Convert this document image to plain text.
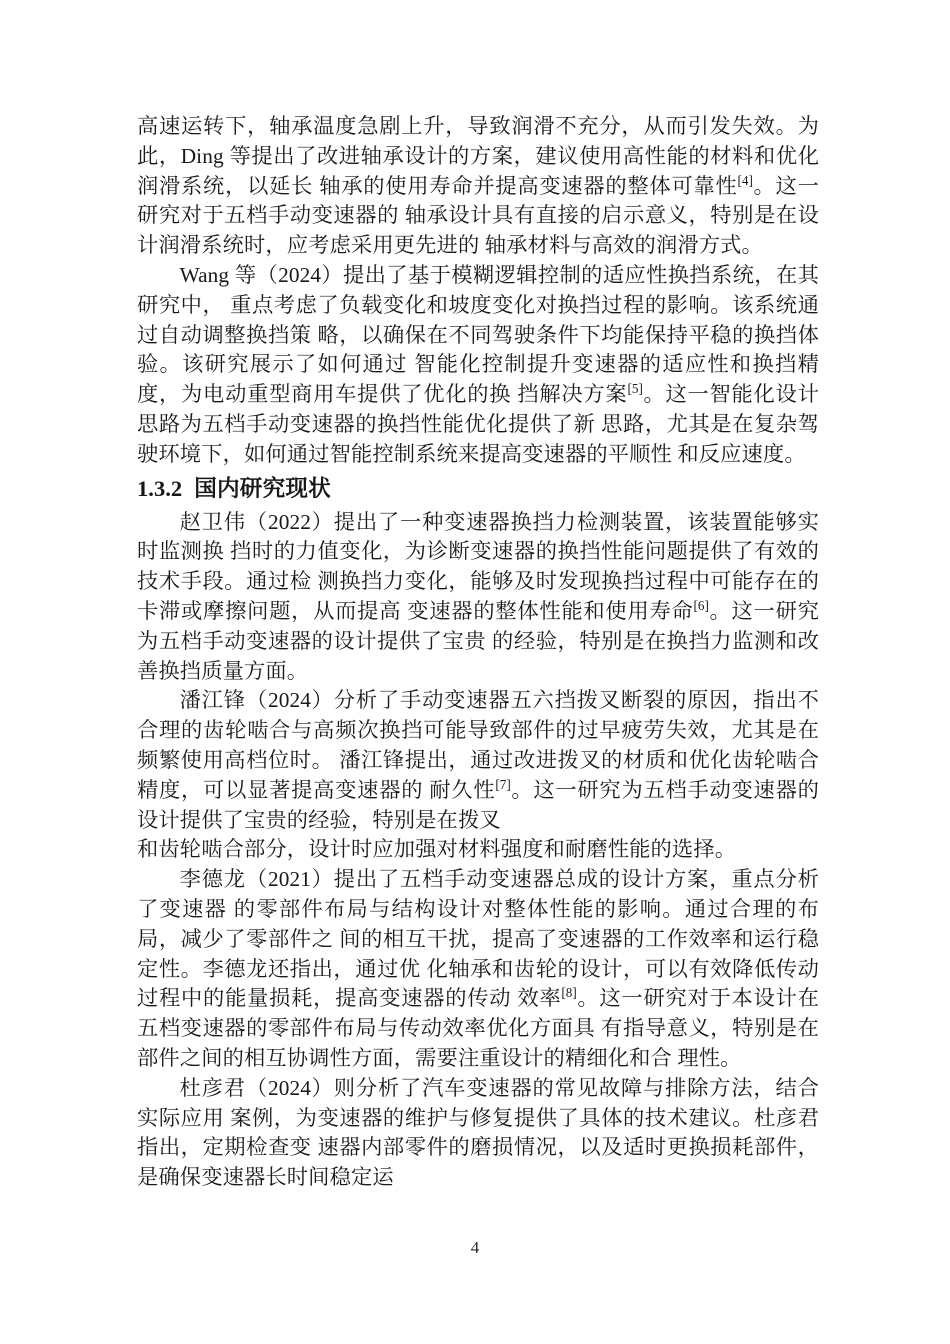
高速运转下，轴承温度急剧上升，导致润滑不充分，从而引发失效。为此，Ding 等提出了改进轴承设计的方案，建议使用高性能的材料和优化润滑系统，以延长 轴承的使用寿命并提高变速器的整体可靠性[4]。这一研究对于五档手动变速器的 轴承设计具有直接的启示意义，特别是在设计润滑系统时，应考虑采用更先进的 轴承材料与高效的润滑方式。

Wang 等（2024）提出了基于模糊逻辑控制的适应性换挡系统，在其研究中， 重点考虑了负载变化和坡度变化对换挡过程的影响。该系统通过自动调整换挡策 略，以确保在不同驾驶条件下均能保持平稳的换挡体验。该研究展示了如何通过 智能化控制提升变速器的适应性和换挡精度，为电动重型商用车提供了优化的换 挡解决方案[5]。这一智能化设计思路为五档手动变速器的换挡性能优化提供了新 思路，尤其是在复杂驾驶环境下，如何通过智能控制系统来提高变速器的平顺性 和反应速度。

1.3.2 国内研究现状

赵卫伟（2022）提出了一种变速器换挡力检测装置，该装置能够实时监测换 挡时的力值变化，为诊断变速器的换挡性能问题提供了有效的技术手段。通过检 测换挡力变化，能够及时发现换挡过程中可能存在的卡滞或摩擦问题，从而提高 变速器的整体性能和使用寿命[6]。这一研究为五档手动变速器的设计提供了宝贵 的经验，特别是在换挡力监测和改善换挡质量方面。

潘江锋（2024）分析了手动变速器五六挡拨叉断裂的原因，指出不合理的齿轮啮合与高频次换挡可能导致部件的过早疲劳失效，尤其是在频繁使用高档位时。 潘江锋提出，通过改进拨叉的材质和优化齿轮啮合精度，可以显著提高变速器的 耐久性[7]。这一研究为五档手动变速器的设计提供了宝贵的经验，特别是在拨叉

和齿轮啮合部分，设计时应加强对材料强度和耐磨性能的选择。

李德龙（2021）提出了五档手动变速器总成的设计方案，重点分析了变速器 的零部件布局与结构设计对整体性能的影响。通过合理的布局，减少了零部件之 间的相互干扰，提高了变速器的工作效率和运行稳定性。李德龙还指出，通过优 化轴承和齿轮的设计，可以有效降低传动过程中的能量损耗，提高变速器的传动 效率[8]。这一研究对于本设计在五档变速器的零部件布局与传动效率优化方面具 有指导意义，特别是在部件之间的相互协调性方面，需要注重设计的精细化和合 理性。

杜彦君（2024）则分析了汽车变速器的常见故障与排除方法，结合实际应用 案例，为变速器的维护与修复提供了具体的技术建议。杜彦君指出，定期检查变 速器内部零件的磨损情况，以及适时更换损耗部件，是确保变速器长时间稳定运

4
